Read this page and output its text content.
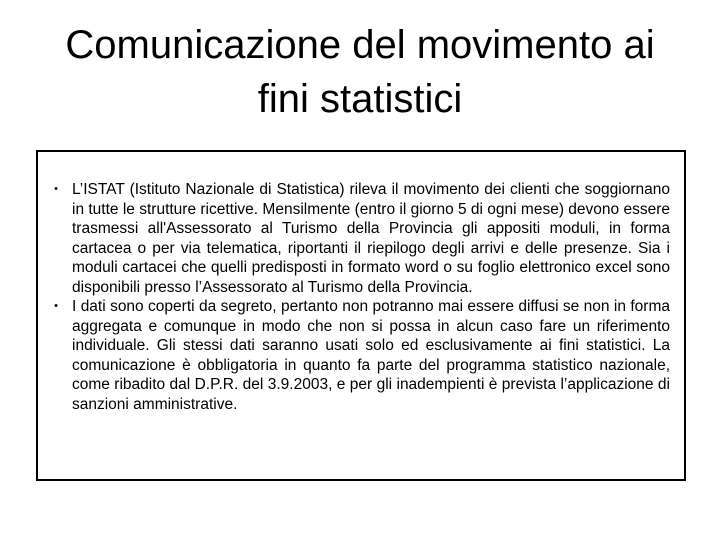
Comunicazione del movimento ai
fini statistici
• L’ISTAT (Istituto Nazionale di Statistica) rileva il movimento dei clienti che soggiornano in tutte le strutture ricettive. Mensilmente (entro il giorno 5 di ogni mese) devono essere trasmessi all'Assessorato al Turismo della Provincia gli appositi moduli, in forma cartacea o per via telematica, riportanti il riepilogo degli arrivi e delle presenze. Sia i moduli cartacei che quelli predisposti in formato word o su foglio elettronico excel sono disponibili presso l’Assessorato al Turismo della Provincia.
• I dati sono coperti da segreto, pertanto non potranno mai essere diffusi se non in forma aggregata e comunque in modo che non si possa in alcun caso fare un riferimento individuale. Gli stessi dati saranno usati solo ed esclusivamente ai fini statistici. La comunicazione è obbligatoria in quanto fa parte del programma statistico nazionale, come ribadito dal D.P.R. del 3.9.2003, e per gli inadempienti è prevista l’applicazione di sanzioni amministrative.
